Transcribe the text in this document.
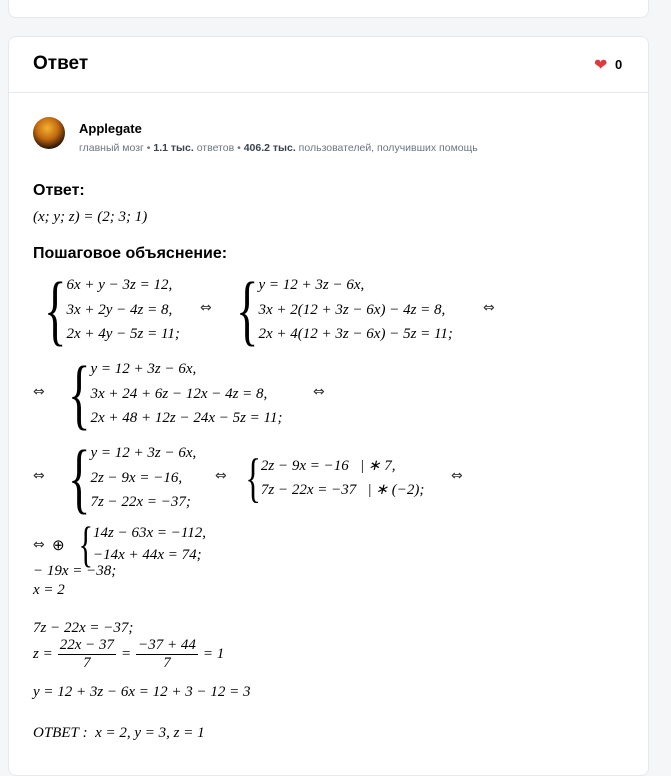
Ответ	❤ 0
Applegate
главный мозг • 1.1 тыс. ответов • 406.2 тыс. пользователей, получивших помощь
Ответ:
(x; y; z) = (2; 3; 1)
Пошаговое объяснение:
{ 6x + y − 3z = 12,
3x + 2y − 4z = 8,
2x + 4y − 5z = 11;
⇔ { y = 12 + 3z − 6x,
3x + 2(12 + 3z − 6x) − 4z = 8,
2x + 4(12 + 3z − 6x) − 5z = 11;
⇔
⇔ { y = 12 + 3z − 6x,
3x + 24 + 6z − 12x − 4z = 8,
2x + 48 + 12z − 24x − 5z = 11;
⇔
⇔ { y = 12 + 3z − 6x,
2z − 9x = −16,
7z − 22x = −37;
⇔ { 2z − 9x = −16   | ∗ 7,
7z − 22x = −37   | ∗ (−2);
⇔
⇔ ⊕ { 14z − 63x = −112,
−14x + 44x = 74;
− 19x = −38;
x = 2
7z − 22x = −37;
$z = \frac{22x - 37}{7} = \frac{-37 + 44}{7} = 1$
y = 12 + 3z − 6x = 12 + 3 − 12 = 3
ОТВЕТ :  x = 2, y = 3, z = 1
